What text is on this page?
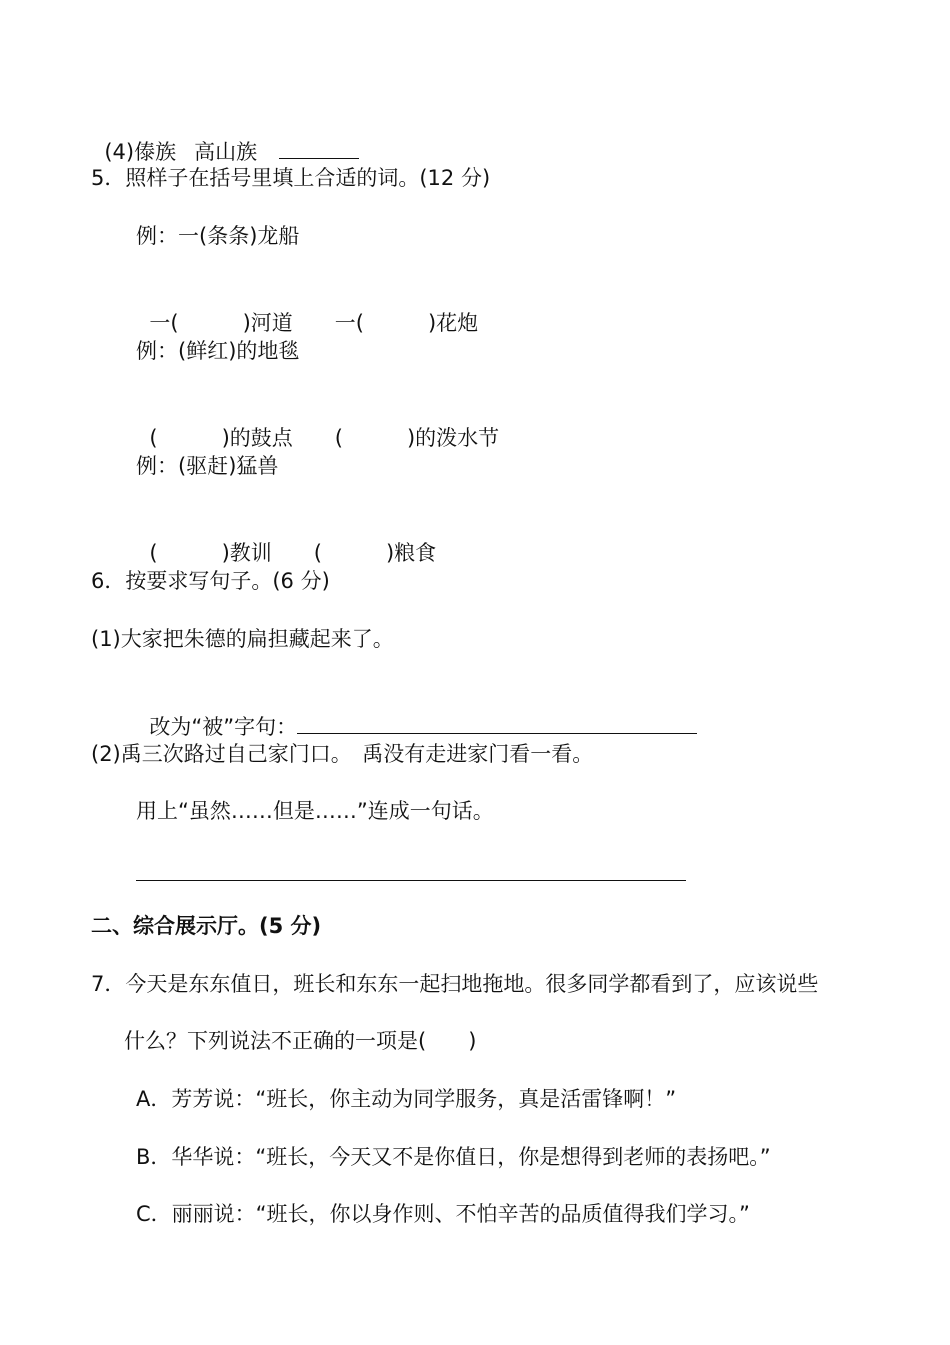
(4)傣族 高山族

5．照样子在括号里填上合适的词。(12 分)
例：一(条条)龙船

一(	)河道 一(	)花炮

例：(鲜红)的地毯

(	)的鼓点 (	)的泼水节

例：(驱赶)猛兽

(	)教训 (	)粮食

6．按要求写句子。(6 分)
(1)大家把朱德的扁担藏起来了。

改为“被”字句：

(2)禹三次路过自己家门口。　禹没有走进家门看一看。
用上“虽然……但是……”连成一句话。
二、综合展示厅。(5 分)
7．今天是东东值日，班长和东东一起扫地拖地。很多同学都看到了，应该说些
什么？下列说法不正确的一项是(　　)
A．芳芳说：“班长，你主动为同学服务，真是活雷锋啊！”
B．华华说：“班长，今天又不是你值日，你是想得到老师的表扬吧。”
C．丽丽说：“班长，你以身作则、不怕辛苦的品质值得我们学习。”
